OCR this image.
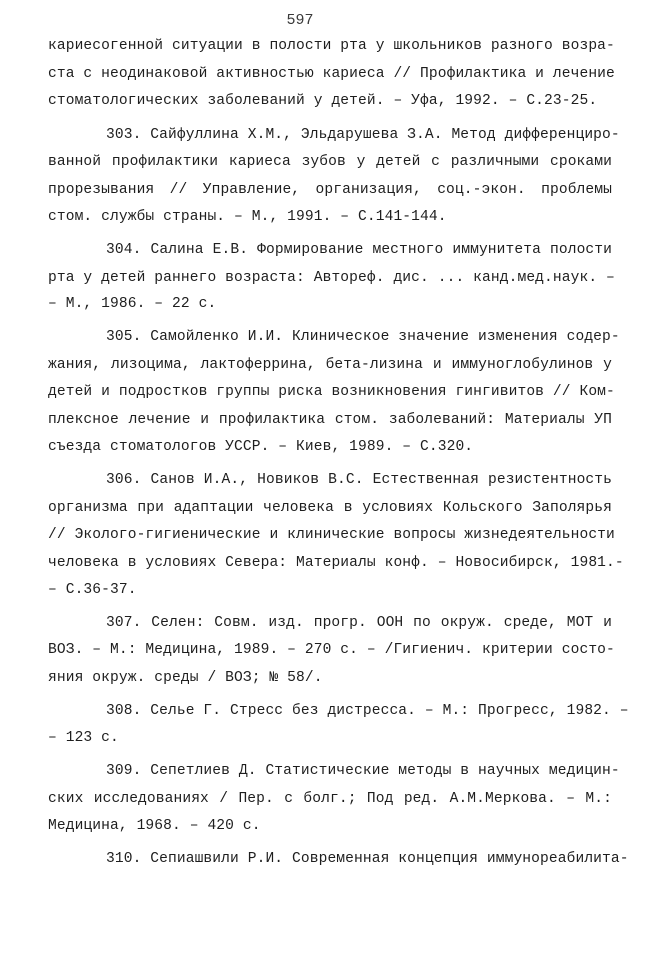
597
кариесогенной ситуации в полости рта у школьников разного возра-
ста с неодинаковой активностью кариеса // Профилактика и лечение
стоматологических заболеваний у детей. – Уфа, 1992. – С.23-25.
303. Сайфуллина Х.М., Эльдарушева З.А. Метод дифференциро-
ванной профилактики кариеса зубов у детей с различными сроками
прорезывания // Управление, организация, соц.-экон. проблемы
стом. службы страны. – М., 1991. – С.141-144.
304. Салина Е.В. Формирование местного иммунитета полости
рта у детей раннего возраста: Автореф. дис. ... канд.мед.наук. –
– М., 1986. – 22 с.
305. Самойленко И.И. Клиническое значение изменения содер-
жания, лизоцима, лактоферрина, бета-лизина и иммуноглобулинов у
детей и подростков группы риска возникновения гингивитов // Ком-
плексное лечение и профилактика стом. заболеваний: Материалы УП
съезда стоматологов УССР. – Киев, 1989. – С.320.
306. Санов И.А., Новиков В.С. Естественная резистентность
организма при адаптации человека в условиях Кольского Заполярья
// Эколого-гигиенические и клинические вопросы жизнедеятельности
человека в условиях Севера: Материалы конф. – Новосибирск, 1981.-
– С.36-37.
307. Селен: Совм. изд. прогр. ООН по окруж. среде, МОТ и
ВОЗ. – М.: Медицина, 1989. – 270 с. – /Гигиенич. критерии состо-
яния окруж. среды / ВОЗ; № 58/.
308. Селье Г. Стресс без дистресса. – М.: Прогресс, 1982. –
– 123 с.
309. Сепетлиев Д. Статистические методы в научных медицин-
ских исследованиях / Пер. с болг.; Под ред. А.М.Меркова. – М.:
Медицина, 1968. – 420 с.
310. Сепиашвили Р.И. Современная концепция иммунореабилита-
